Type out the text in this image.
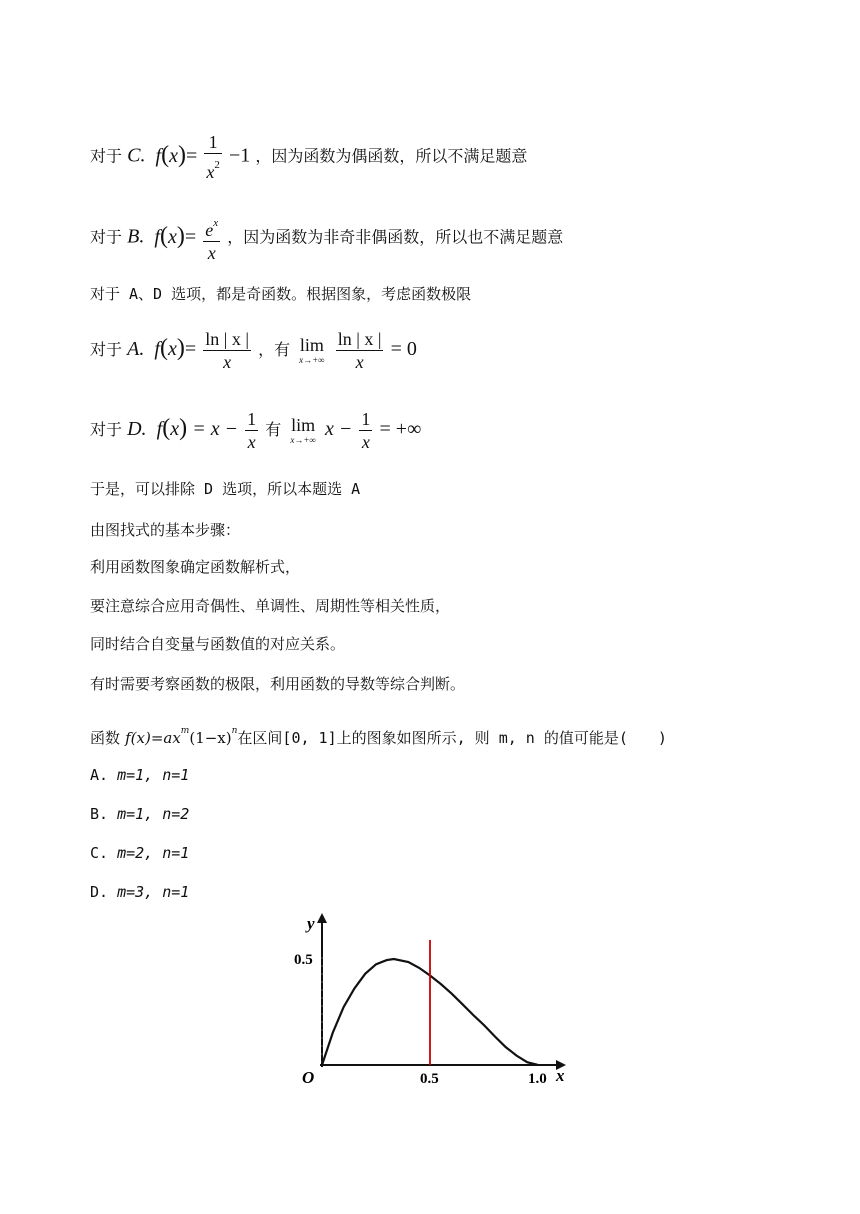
对于 C.  $f(x)= \frac{1}{x^2} -1$ ，因为函数为偶函数，所以不满足题意
对于 B.  $f(x)= \frac{e^x}{x}$ ，因为函数为非奇非偶函数，所以也不满足题意
对于 A、D 选项，都是奇函数。根据图象，考虑函数极限
对于 A.  $f(x)= \frac{\ln | x |}{x}$ ，有 lim
x→+∞
$\frac{\ln | x |}{x} = 0$
对于 D.  $f(x) = x - \frac{1}{x}$ 有 lim
x→+∞ $x - \frac{1}{x}$ = +∞
于是，可以排除 D 选项，所以本题选 A
由图找式的基本步骤：
利用函数图象确定函数解析式，
要注意综合应用奇偶性、单调性、周期性等相关性质，
同时结合自变量与函数值的对应关系。
有时需要考察函数的极限，利用函数的导数等综合判断。
函数 $f(x)=ax^m(1-x)^n$在区间[0, 1]上的图象如图所示, 则 m, n 的值可能是(　　)
A. m=1, n=1
B. m=1, n=2
C. m=2, n=1
D. m=3, n=1
y
x
O	0.5	1.0
0.5
